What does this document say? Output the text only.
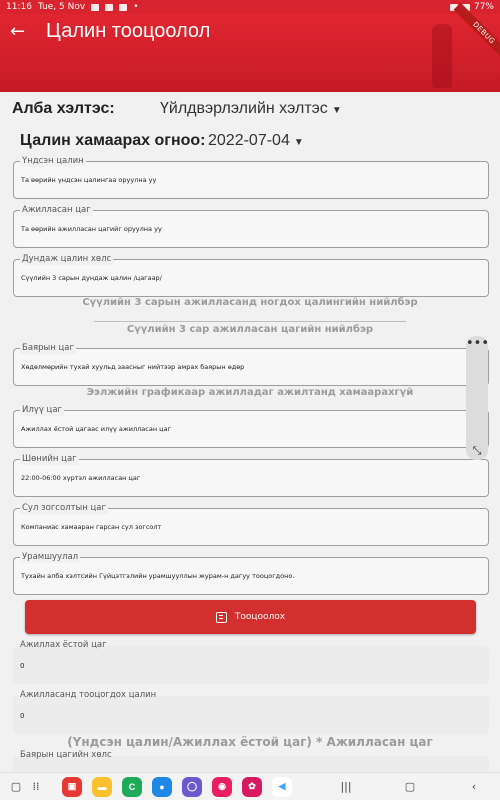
11:16 Tue, 5 Nov	•	77%
← Цалин тооцоолол	DEBUG
Алба хэлтэс:	Үйлдвэрлэлийн хэлтэс ▼
Цалин хамаарах огноо: 2022-07-04 ▼
Үндсэн цалин
Та өөрийн үндсэн цалингаа оруулна уу
Ажилласан цаг
Та өөрийн ажилласан цагийг оруулна уу
Дундаж цалин хөлс
Сүүлийн 3 сарын дундаж цалин /цагаар/
Сүүлийн 3 сарын ажилласанд ногдох цалингийн нийлбэр
Сүүлийн 3 сар ажилласан цагийн нийлбэр
Баярын цаг
Хөдөлмөрийн тухай хуульд заасныг нийтээр амрах баярын өдөр
Ээлжийн графикаар ажилладаг ажилтанд хамаарахгүй
Илүү цаг
Ажиллах ёстой цагаас илүү ажилласан цаг
Шөнийн цаг
22:00-06:00 хүртэл ажилласан цаг
Сул зогсолтын цаг
Компаниас хамааран гарсан сул зогсолт
Урамшуулал
Тухайн алба хэлтсийн Гүйцэтгэлийн урамшууллын журам-н дагуу тооцогдоно.
Тооцоолох
Ажиллах ёстой цаг
0
Ажилласанд тооцогдох цалин
0
(Үндсэн цалин/Ажиллах ёстой цаг) * Ажилласан цаг
Баярын цагийн хөлс
•••
⤡
▢	⁞⁞	▣	▬	C	●	◯	◉	✿	◀	|||	▢	‹
